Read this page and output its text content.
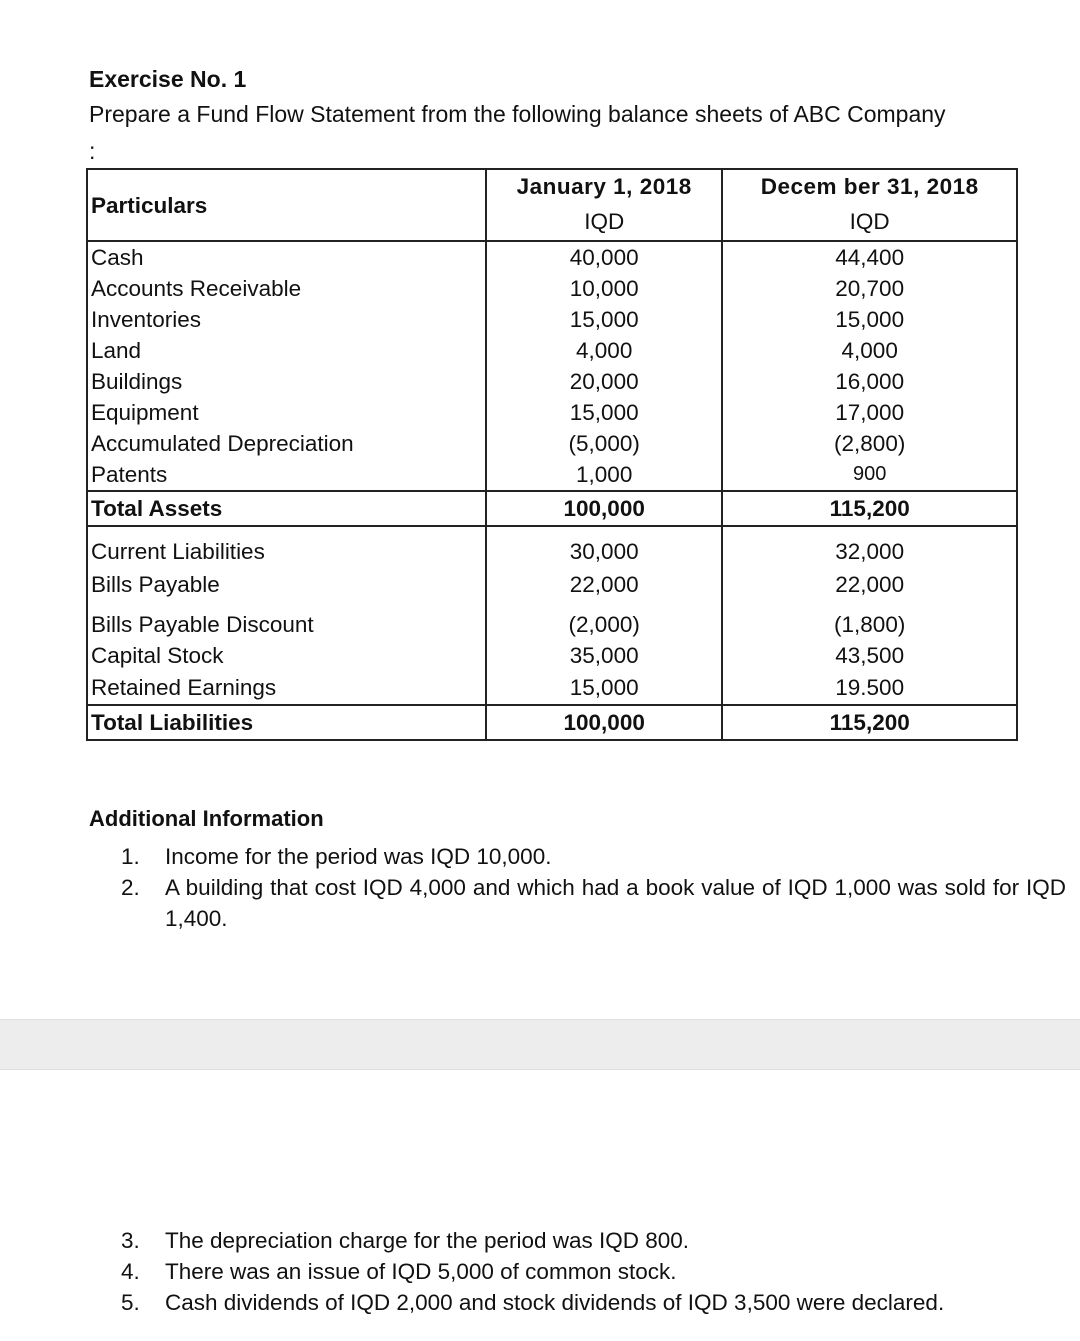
Exercise No. 1
Prepare a Fund Flow Statement from the following balance sheets of ABC Company
:
Particulars	January 1, 2018	Decem ber 31, 2018
	IQD	IQD
Cash	40,000	44,400
Accounts Receivable	10,000	20,700
Inventories	15,000	15,000
Land	4,000	4,000
Buildings	20,000	16,000
Equipment	15,000	17,000
Accumulated Depreciation	(5,000)	(2,800)
Patents	1,000	900
Total Assets	100,000	115,200
Current Liabilities	30,000	32,000
Bills Payable	22,000	22,000
Bills Payable Discount	(2,000)	(1,800)
Capital Stock	35,000	43,500
Retained Earnings	15,000	19.500
Total Liabilities	100,000	115,200
Additional Information
1. Income for the period was IQD 10,000.
2. A building that cost IQD 4,000 and which had a book value of IQD 1,000 was sold for IQD 1,400.
3. The depreciation charge for the period was IQD 800.
4. There was an issue of IQD 5,000 of common stock.
5. Cash dividends of IQD 2,000 and stock dividends of IQD 3,500 were declared.
